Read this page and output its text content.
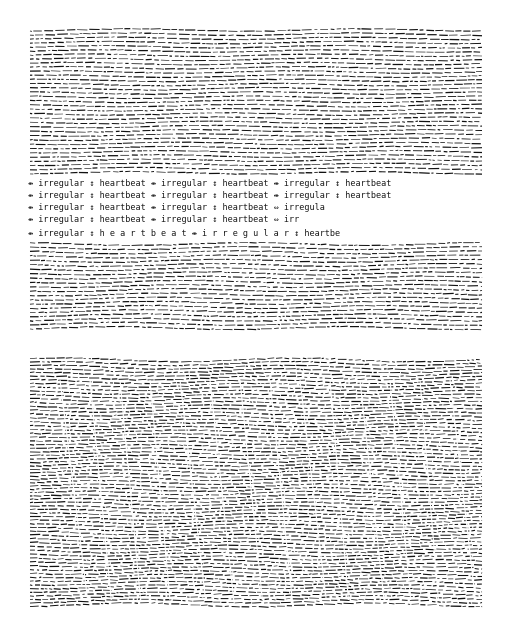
⇹ irregular ↕ heartbeat ⇹ irregular ↕ heartbeat ⇹ irregular ↕ heartbeat
⇹ irregular ↕ heartbeat ⇹ irregular ↕ heartbeat ⇹ irregular ↕ heartbeat
⇹ irregular ↕ heartbeat ⇹ irregular ↕ heartbeat ⇔ irregula
⇹ irregular ↕ heartbeat ⇹ irregular ↕ heartbeat ⇔ irr
⇹ irregular ↕ h e a r t b e a t ⇹ i r r e g u l a r ↕ heartbe
